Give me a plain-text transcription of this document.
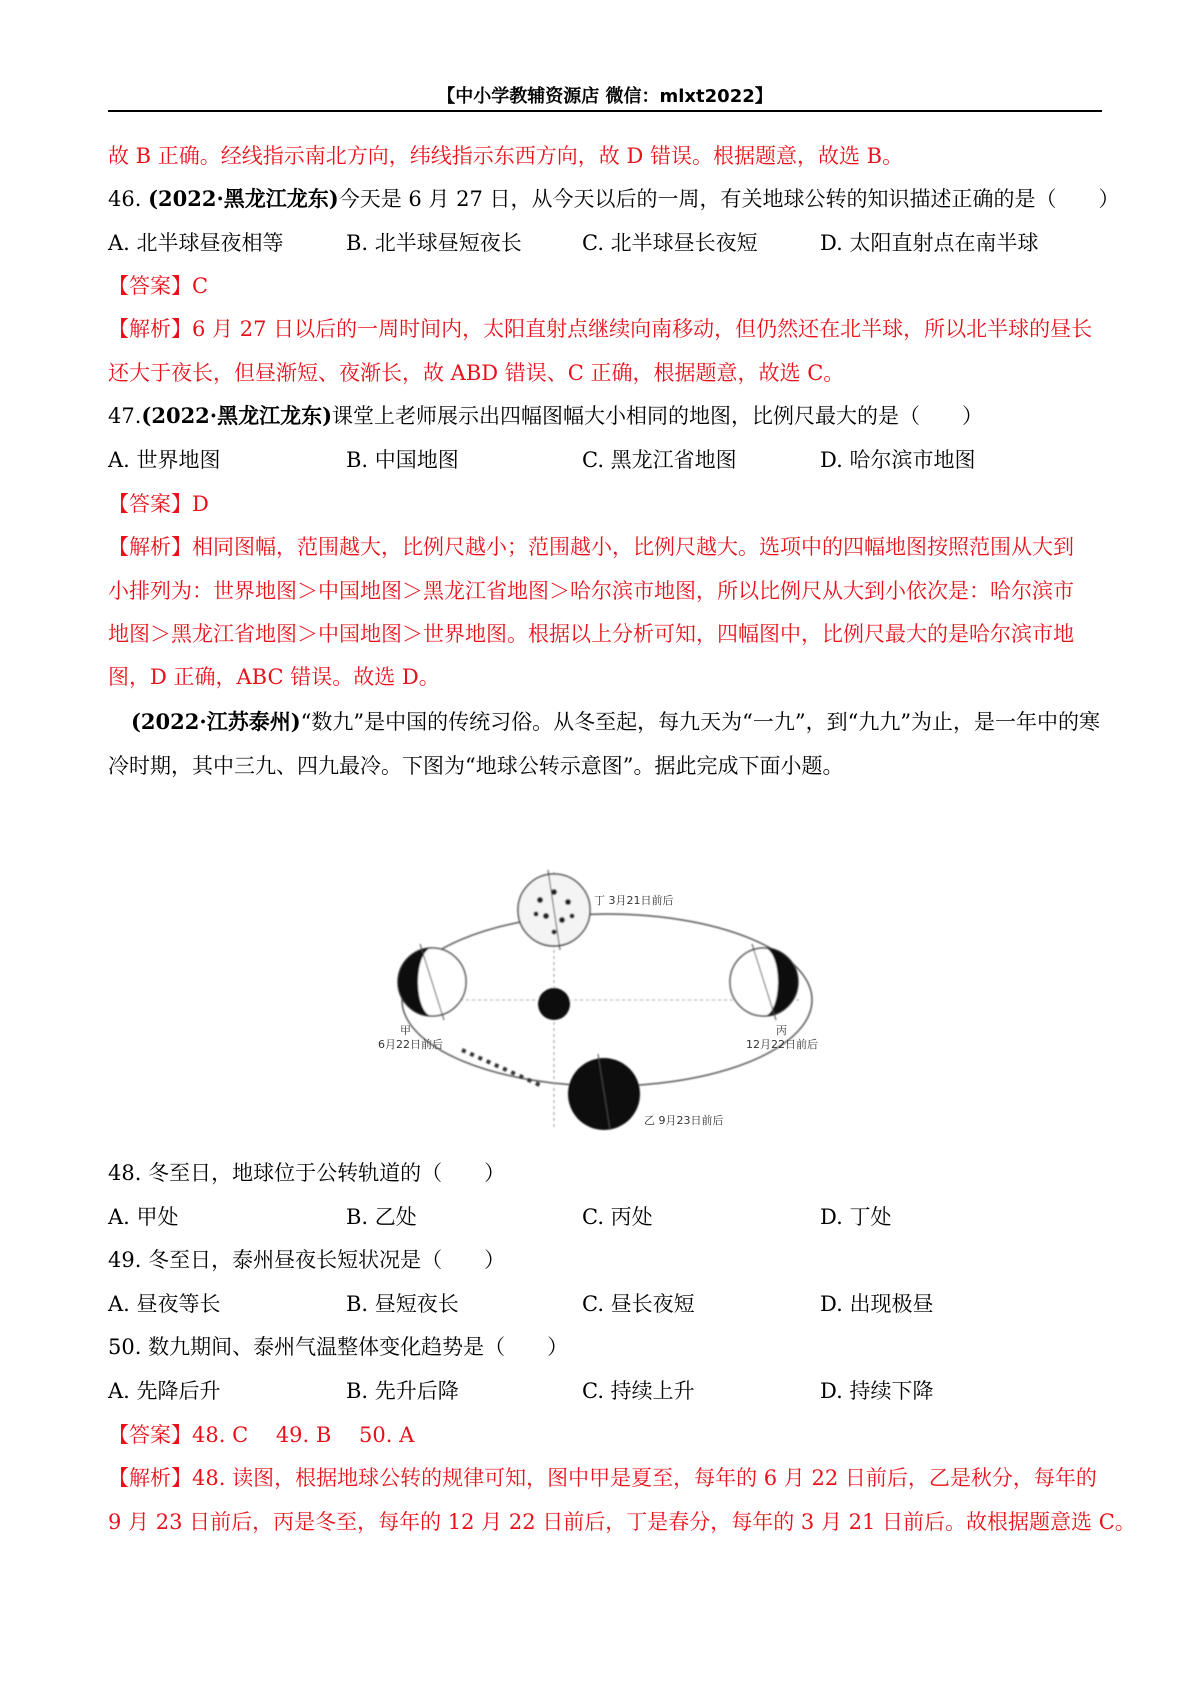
【中小学教辅资源店 微信：mlxt2022】
故 B 正确。经线指示南北方向，纬线指示东西方向，故 D 错误。根据题意，故选 B。
46. (2022·黑龙江龙东)今天是 6 月 27 日，从今天以后的一周，有关地球公转的知识描述正确的是（　　）
A. 北半球昼夜相等	B. 北半球昼短夜长	C. 北半球昼长夜短	D. 太阳直射点在南半球
【答案】C
【解析】6 月 27 日以后的一周时间内，太阳直射点继续向南移动，但仍然还在北半球，所以北半球的昼长
还大于夜长，但昼渐短、夜渐长，故 ABD 错误、C 正确，根据题意，故选 C。
47.(2022·黑龙江龙东)课堂上老师展示出四幅图幅大小相同的地图，比例尺最大的是（　　）
A. 世界地图	B. 中国地图	C. 黑龙江省地图	D. 哈尔滨市地图
【答案】D
【解析】相同图幅，范围越大，比例尺越小；范围越小，比例尺越大。选项中的四幅地图按照范围从大到
小排列为：世界地图＞中国地图＞黑龙江省地图＞哈尔滨市地图，所以比例尺从大到小依次是：哈尔滨市
地图＞黑龙江省地图＞中国地图＞世界地图。根据以上分析可知，四幅图中，比例尺最大的是哈尔滨市地
图，D 正确，ABC 错误。故选 D。
(2022·江苏泰州)“数九”是中国的传统习俗。从冬至起，每九天为“一九”，到“九九”为止，是一年中的寒
冷时期，其中三九、四九最冷。下图为“地球公转示意图”。据此完成下面小题。
丁 3月21日前后
甲
6月22日前后
丙
12月22日前后
乙 9月23日前后
48. 冬至日，地球位于公转轨道的（　　）
A. 甲处	B. 乙处	C. 丙处	D. 丁处
49. 冬至日，泰州昼夜长短状况是（　　）
A. 昼夜等长	B. 昼短夜长	C. 昼长夜短	D. 出现极昼
50. 数九期间、泰州气温整体变化趋势是（　　）
A. 先降后升	B. 先升后降	C. 持续上升	D. 持续下降
【答案】48. C　 49. B　 50. A
【解析】48. 读图，根据地球公转的规律可知，图中甲是夏至，每年的 6 月 22 日前后，乙是秋分，每年的
9 月 23 日前后，丙是冬至，每年的 12 月 22 日前后，丁是春分，每年的 3 月 21 日前后。故根据题意选 C。
